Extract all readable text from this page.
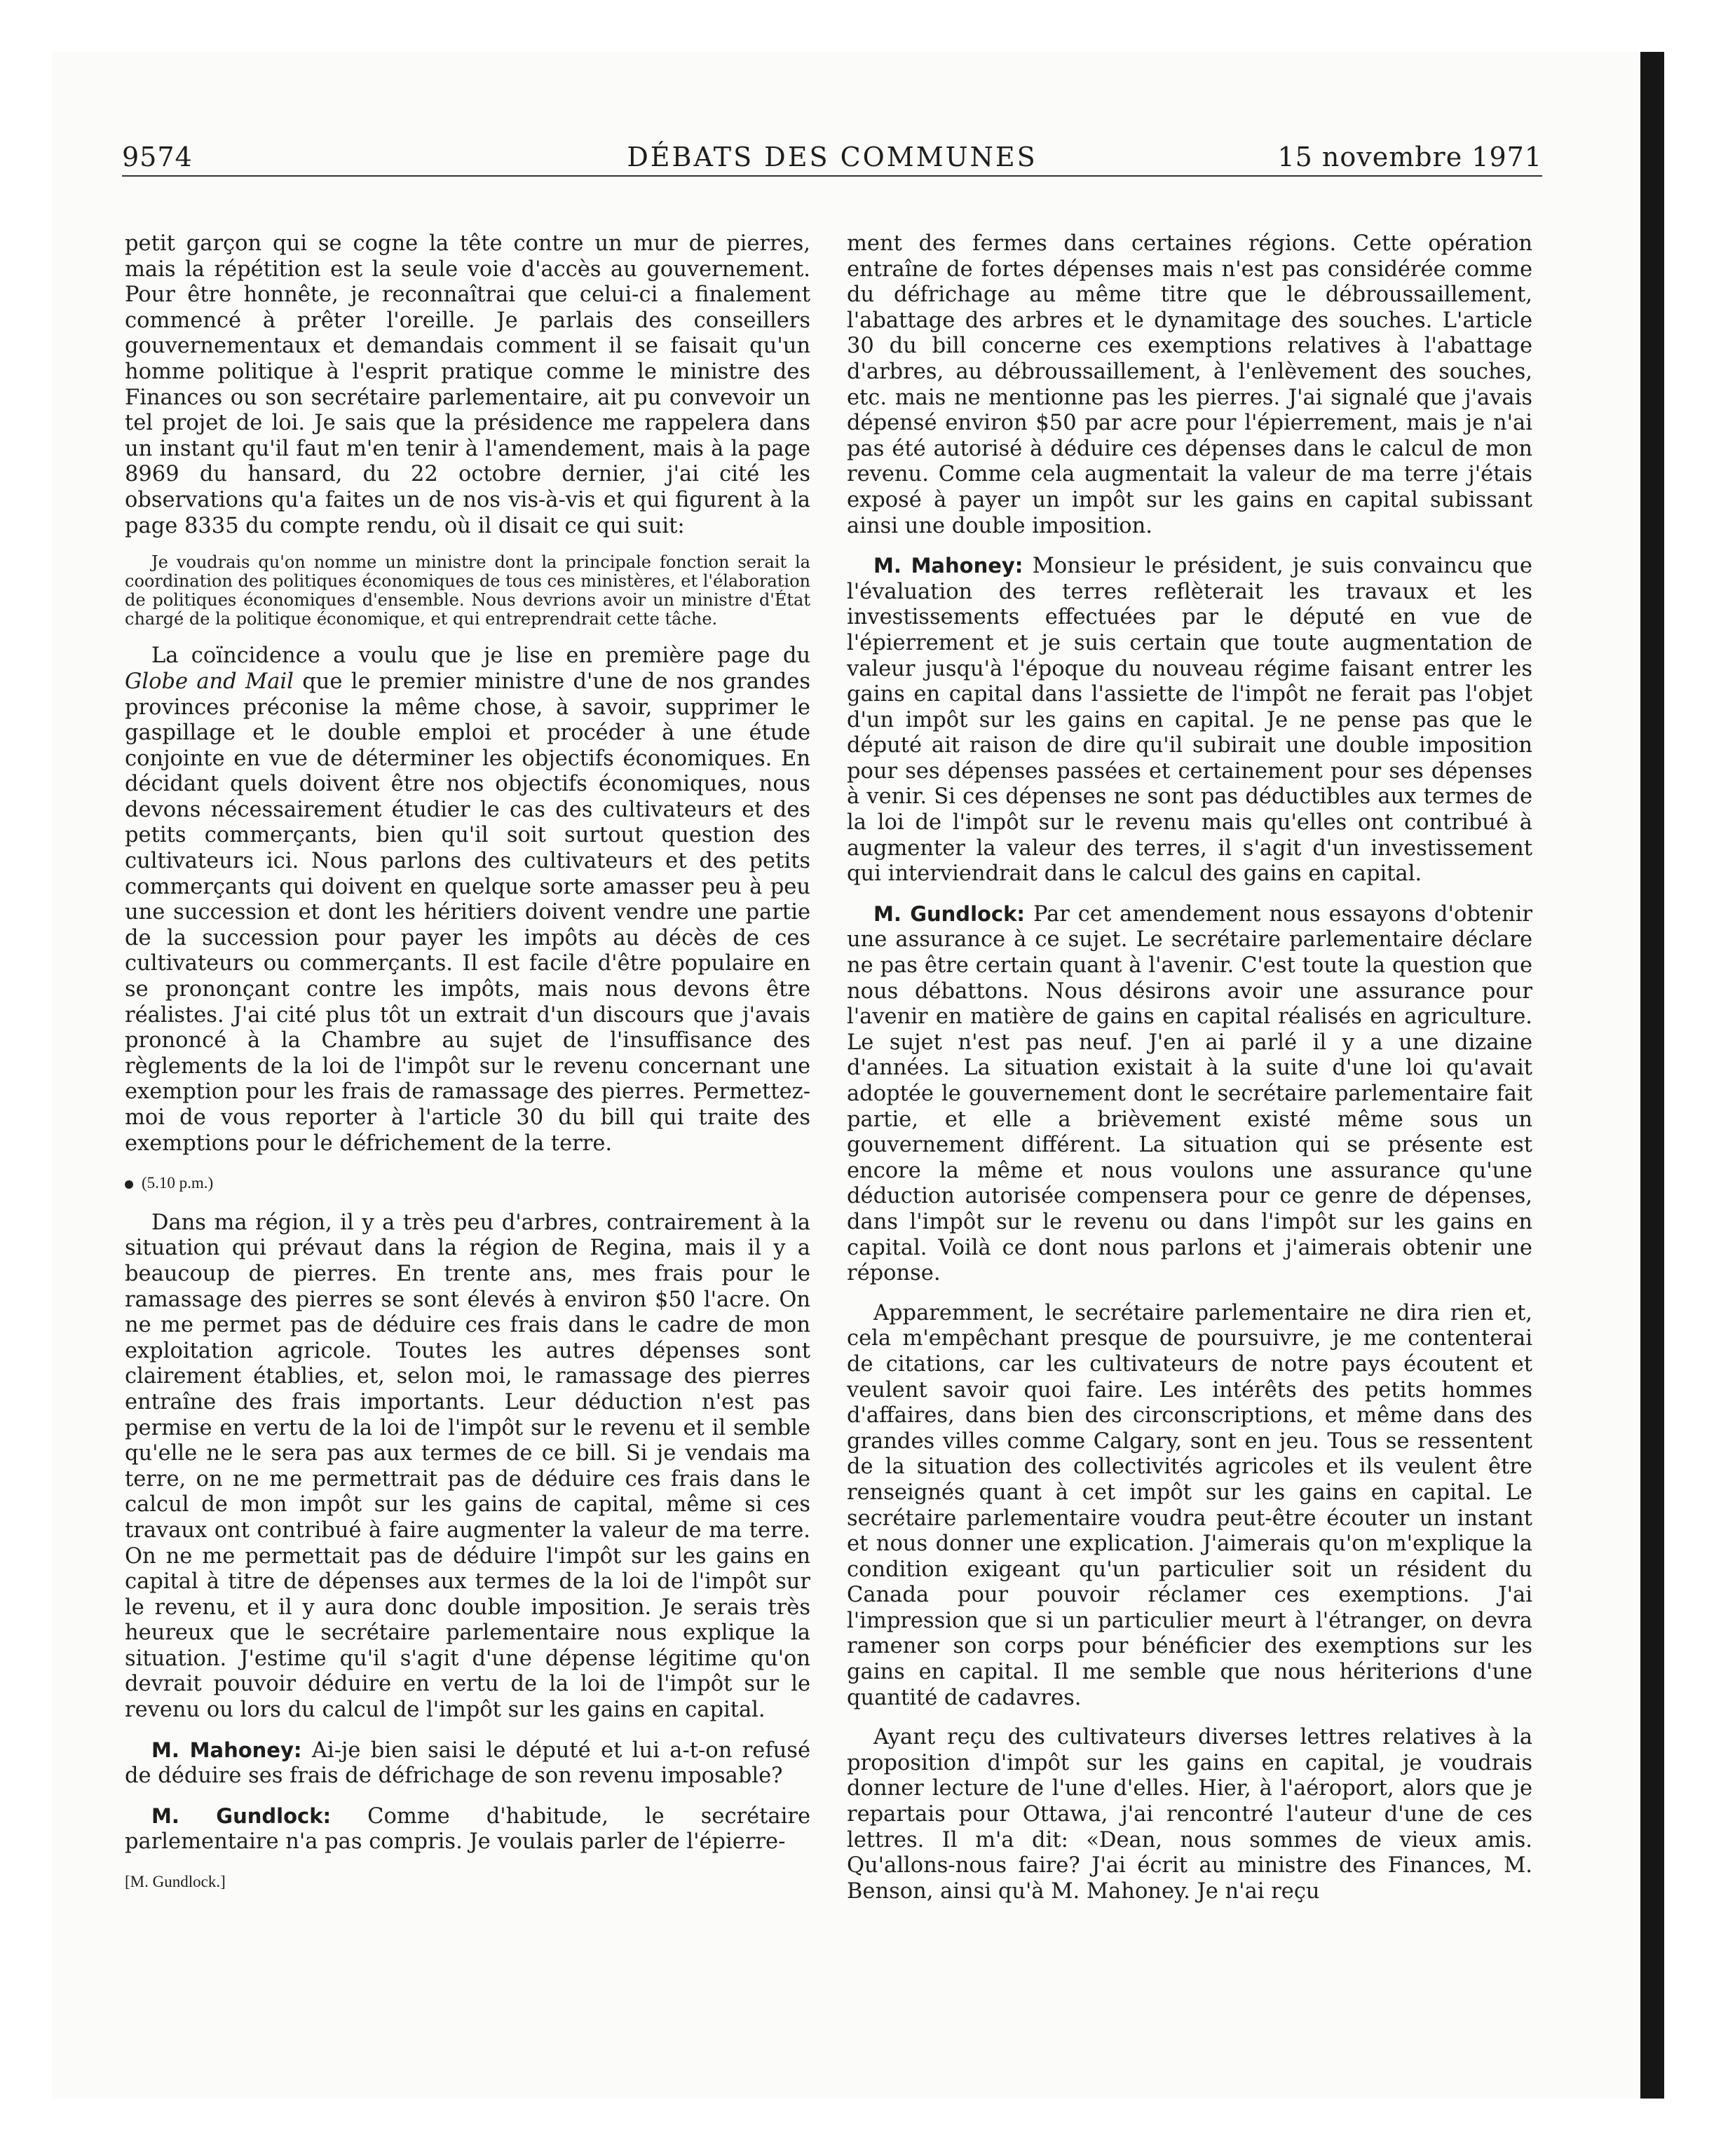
9574	DÉBATS DES COMMUNES	15 novembre 1971

petit garçon qui se cogne la tête contre un mur de pierres, mais la répétition est la seule voie d'accès au gouvernement. Pour être honnête, je reconnaîtrai que celui-ci a finalement commencé à prêter l'oreille. Je parlais des conseillers gouvernementaux et demandais comment il se faisait qu'un homme politique à l'esprit pratique comme le ministre des Finances ou son secrétaire parlementaire, ait pu convevoir un tel projet de loi. Je sais que la présidence me rappelera dans un instant qu'il faut m'en tenir à l'amendement, mais à la page 8969 du hansard, du 22 octobre dernier, j'ai cité les observations qu'a faites un de nos vis-à-vis et qui figurent à la page 8335 du compte rendu, où il disait ce qui suit:

Je voudrais qu'on nomme un ministre dont la principale fonction serait la coordination des politiques économiques de tous ces ministères, et l'élaboration de politiques économiques d'ensemble. Nous devrions avoir un ministre d'État chargé de la politique économique, et qui entreprendrait cette tâche.

La coïncidence a voulu que je lise en première page du Globe and Mail que le premier ministre d'une de nos grandes provinces préconise la même chose, à savoir, supprimer le gaspillage et le double emploi et procéder à une étude conjointe en vue de déterminer les objectifs économiques. En décidant quels doivent être nos objectifs économiques, nous devons nécessairement étudier le cas des cultivateurs et des petits commerçants, bien qu'il soit surtout question des cultivateurs ici. Nous parlons des cultivateurs et des petits commerçants qui doivent en quelque sorte amasser peu à peu une succession et dont les héritiers doivent vendre une partie de la succession pour payer les impôts au décès de ces cultivateurs ou commerçants. Il est facile d'être populaire en se prononçant contre les impôts, mais nous devons être réalistes. J'ai cité plus tôt un extrait d'un discours que j'avais prononcé à la Chambre au sujet de l'insuffisance des règlements de la loi de l'impôt sur le revenu concernant une exemption pour les frais de ramassage des pierres. Permettez-moi de vous reporter à l'article 30 du bill qui traite des exemptions pour le défrichement de la terre.

(5.10 p.m.)

Dans ma région, il y a très peu d'arbres, contrairement à la situation qui prévaut dans la région de Regina, mais il y a beaucoup de pierres. En trente ans, mes frais pour le ramassage des pierres se sont élevés à environ $50 l'acre. On ne me permet pas de déduire ces frais dans le cadre de mon exploitation agricole. Toutes les autres dépenses sont clairement établies, et, selon moi, le ramassage des pierres entraîne des frais importants. Leur déduction n'est pas permise en vertu de la loi de l'impôt sur le revenu et il semble qu'elle ne le sera pas aux termes de ce bill. Si je vendais ma terre, on ne me permettrait pas de déduire ces frais dans le calcul de mon impôt sur les gains de capital, même si ces travaux ont contribué à faire augmenter la valeur de ma terre. On ne me permettait pas de déduire l'impôt sur les gains en capital à titre de dépenses aux termes de la loi de l'impôt sur le revenu, et il y aura donc double imposition. Je serais très heureux que le secrétaire parlementaire nous explique la situation. J'estime qu'il s'agit d'une dépense légitime qu'on devrait pouvoir déduire en vertu de la loi de l'impôt sur le revenu ou lors du calcul de l'impôt sur les gains en capital.

M. Mahoney: Ai-je bien saisi le député et lui a-t-on refusé de déduire ses frais de défrichage de son revenu imposable?

M. Gundlock: Comme d'habitude, le secrétaire parlementaire n'a pas compris. Je voulais parler de l'épierre-

[M. Gundlock.]

ment des fermes dans certaines régions. Cette opération entraîne de fortes dépenses mais n'est pas considérée comme du défrichage au même titre que le débroussaillement, l'abattage des arbres et le dynamitage des souches. L'article 30 du bill concerne ces exemptions relatives à l'abattage d'arbres, au débroussaillement, à l'enlèvement des souches, etc. mais ne mentionne pas les pierres. J'ai signalé que j'avais dépensé environ $50 par acre pour l'épierrement, mais je n'ai pas été autorisé à déduire ces dépenses dans le calcul de mon revenu. Comme cela augmentait la valeur de ma terre j'étais exposé à payer un impôt sur les gains en capital subissant ainsi une double imposition.

M. Mahoney: Monsieur le président, je suis convaincu que l'évaluation des terres reflèterait les travaux et les investissements effectuées par le député en vue de l'épierrement et je suis certain que toute augmentation de valeur jusqu'à l'époque du nouveau régime faisant entrer les gains en capital dans l'assiette de l'impôt ne ferait pas l'objet d'un impôt sur les gains en capital. Je ne pense pas que le député ait raison de dire qu'il subirait une double imposition pour ses dépenses passées et certainement pour ses dépenses à venir. Si ces dépenses ne sont pas déductibles aux termes de la loi de l'impôt sur le revenu mais qu'elles ont contribué à augmenter la valeur des terres, il s'agit d'un investissement qui interviendrait dans le calcul des gains en capital.

M. Gundlock: Par cet amendement nous essayons d'obtenir une assurance à ce sujet. Le secrétaire parlementaire déclare ne pas être certain quant à l'avenir. C'est toute la question que nous débattons. Nous désirons avoir une assurance pour l'avenir en matière de gains en capital réalisés en agriculture. Le sujet n'est pas neuf. J'en ai parlé il y a une dizaine d'années. La situation existait à la suite d'une loi qu'avait adoptée le gouvernement dont le secrétaire parlementaire fait partie, et elle a brièvement existé même sous un gouvernement différent. La situation qui se présente est encore la même et nous voulons une assurance qu'une déduction autorisée compensera pour ce genre de dépenses, dans l'impôt sur le revenu ou dans l'impôt sur les gains en capital. Voilà ce dont nous parlons et j'aimerais obtenir une réponse.

Apparemment, le secrétaire parlementaire ne dira rien et, cela m'empêchant presque de poursuivre, je me contenterai de citations, car les cultivateurs de notre pays écoutent et veulent savoir quoi faire. Les intérêts des petits hommes d'affaires, dans bien des circonscriptions, et même dans des grandes villes comme Calgary, sont en jeu. Tous se ressentent de la situation des collectivités agricoles et ils veulent être renseignés quant à cet impôt sur les gains en capital. Le secrétaire parlementaire voudra peut-être écouter un instant et nous donner une explication. J'aimerais qu'on m'explique la condition exigeant qu'un particulier soit un résident du Canada pour pouvoir réclamer ces exemptions. J'ai l'impression que si un particulier meurt à l'étranger, on devra ramener son corps pour bénéficier des exemptions sur les gains en capital. Il me semble que nous hériterions d'une quantité de cadavres.

Ayant reçu des cultivateurs diverses lettres relatives à la proposition d'impôt sur les gains en capital, je voudrais donner lecture de l'une d'elles. Hier, à l'aéroport, alors que je repartais pour Ottawa, j'ai rencontré l'auteur d'une de ces lettres. Il m'a dit: «Dean, nous sommes de vieux amis. Qu'allons-nous faire? J'ai écrit au ministre des Finances, M. Benson, ainsi qu'à M. Mahoney. Je n'ai reçu
